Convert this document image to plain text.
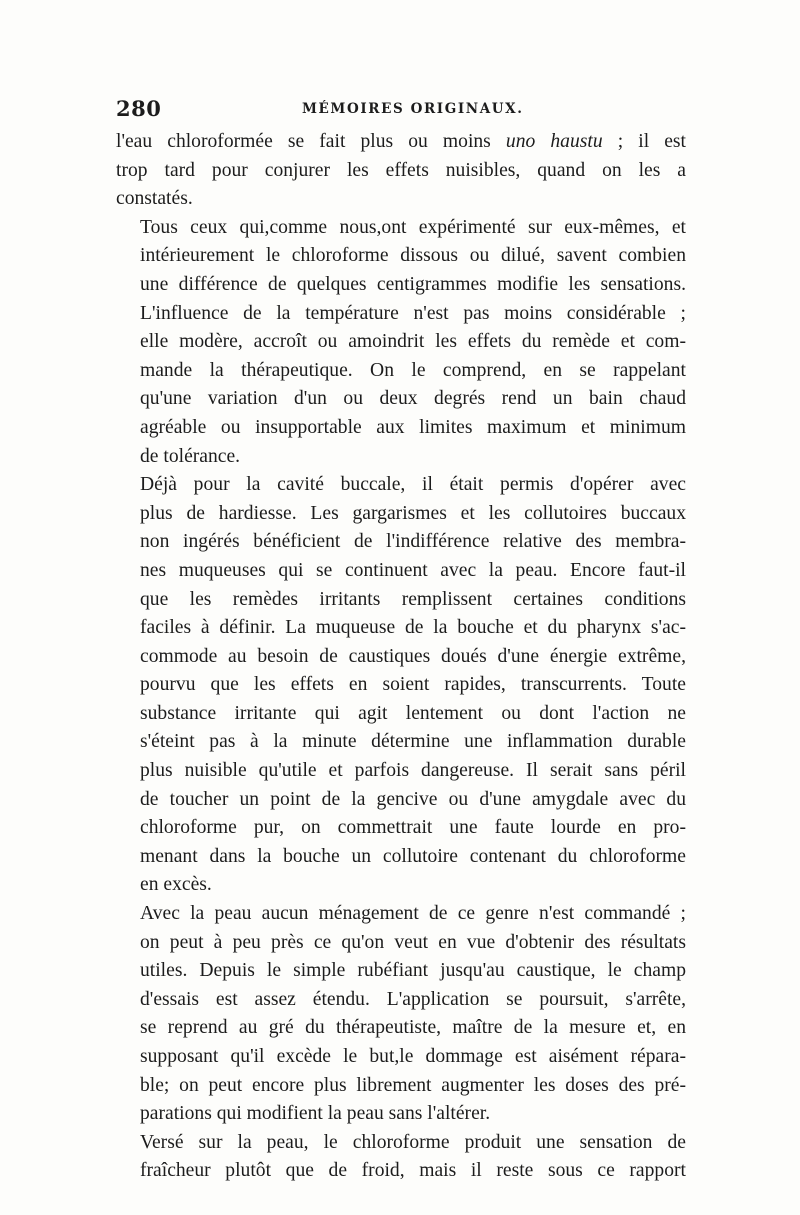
280	MÉMOIRES ORIGINAUX.

l'eau chloroformée se fait plus ou moins uno haustu ; il est
trop tard pour conjurer les effets nuisibles, quand on les a
constatés.

Tous ceux qui,comme nous,ont expérimenté sur eux-mêmes, et
intérieurement le chloroforme dissous ou dilué, savent combien
une différence de quelques centigrammes modifie les sensations.
L'influence de la température n'est pas moins considérable ;
elle modère, accroît ou amoindrit les effets du remède et com-
mande la thérapeutique. On le comprend, en se rappelant
qu'une variation d'un ou deux degrés rend un bain chaud
agréable ou insupportable aux limites maximum et minimum
de tolérance.

Déjà pour la cavité buccale, il était permis d'opérer avec
plus de hardiesse. Les gargarismes et les collutoires buccaux
non ingérés bénéficient de l'indifférence relative des membra-
nes muqueuses qui se continuent avec la peau. Encore faut-il
que les remèdes irritants remplissent certaines conditions
faciles à définir. La muqueuse de la bouche et du pharynx s'ac-
commode au besoin de caustiques doués d'une énergie extrême,
pourvu que les effets en soient rapides, transcurrents. Toute
substance irritante qui agit lentement ou dont l'action ne
s'éteint pas à la minute détermine une inflammation durable
plus nuisible qu'utile et parfois dangereuse. Il serait sans péril
de toucher un point de la gencive ou d'une amygdale avec du
chloroforme pur, on commettrait une faute lourde en pro-
menant dans la bouche un collutoire contenant du chloroforme
en excès.

Avec la peau aucun ménagement de ce genre n'est commandé ;
on peut à peu près ce qu'on veut en vue d'obtenir des résultats
utiles. Depuis le simple rubéfiant jusqu'au caustique, le champ
d'essais est assez étendu. L'application se poursuit, s'arrête,
se reprend au gré du thérapeutiste, maître de la mesure et, en
supposant qu'il excède le but,le dommage est aisément répara-
ble; on peut encore plus librement augmenter les doses des pré-
parations qui modifient la peau sans l'altérer.

Versé sur la peau, le chloroforme produit une sensation de
fraîcheur plutôt que de froid, mais il reste sous ce rapport
